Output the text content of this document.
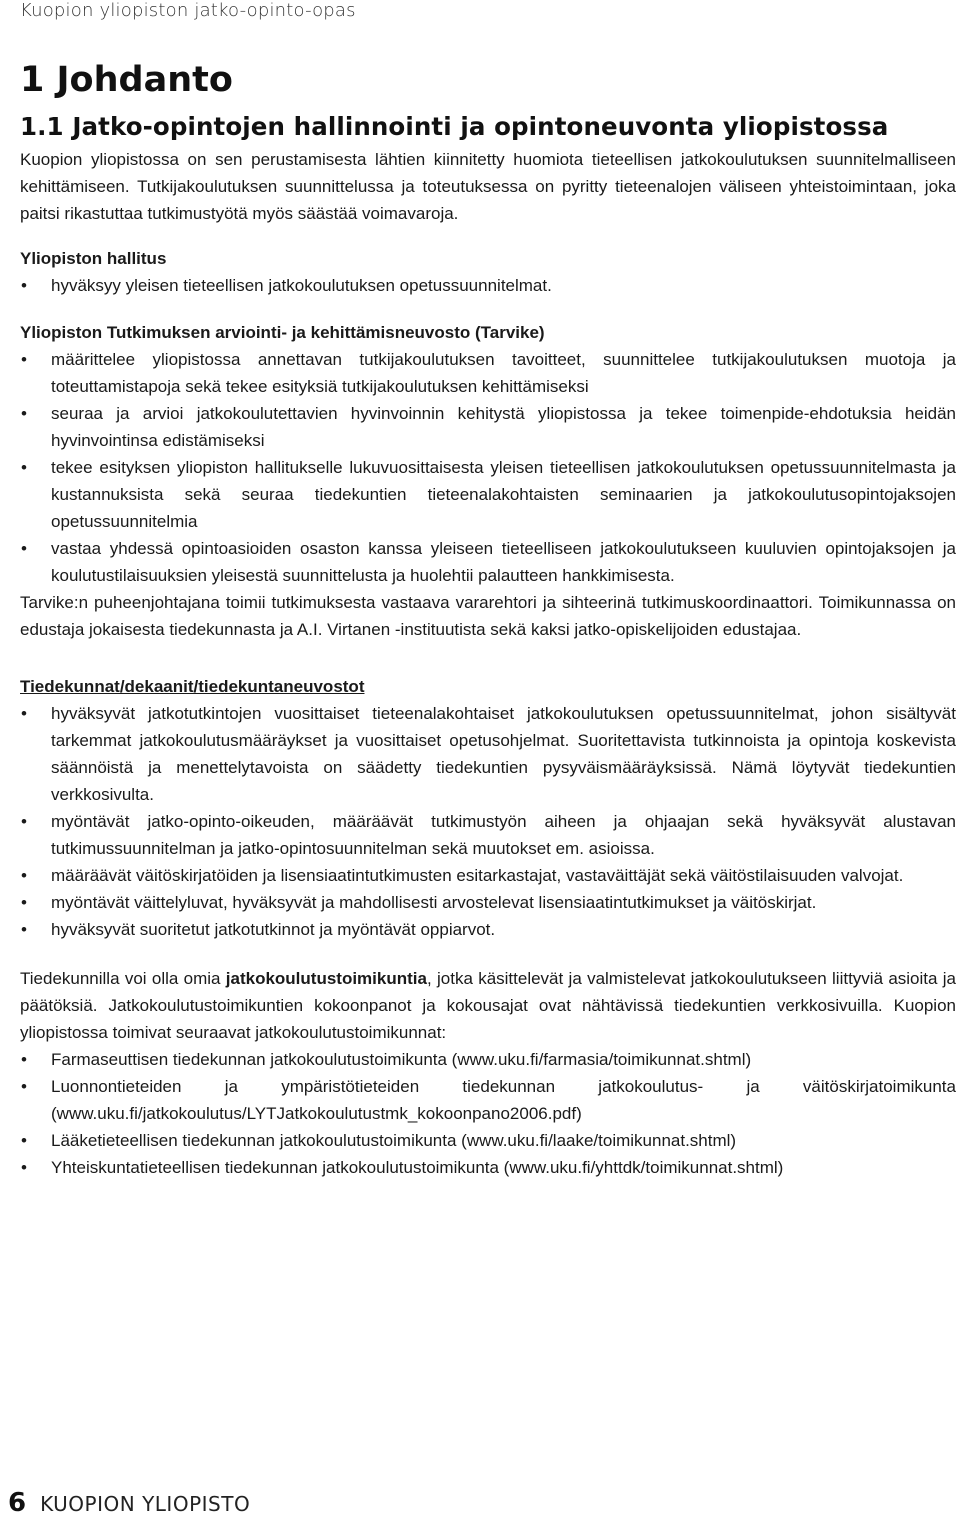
Kuopion yliopiston jatko-opinto-opas
1 Johdanto
1.1 Jatko-opintojen hallinnointi ja opintoneuvonta yliopistossa

Kuopion yliopistossa on sen perustamisesta lähtien kiinnitetty huomiota tieteellisen jatkokoulutuksen suunnitelmalliseen kehittämiseen. Tutkijakoulutuksen suunnittelussa ja toteutuksessa on pyritty tieteenalojen väliseen yhteistoimintaan, joka paitsi rikastuttaa tutkimustyötä myös säästää voimavaroja.

Yliopiston hallitus
• hyväksyy yleisen tieteellisen jatkokoulutuksen opetussuunnitelmat.
Yliopiston Tutkimuksen arviointi- ja kehittämisneuvosto (Tarvike)
• määrittelee yliopistossa annettavan tutkijakoulutuksen tavoitteet, suunnittelee tutkijakoulutuksen muotoja ja toteuttamistapoja sekä tekee esityksiä tutkijakoulutuksen kehittämiseksi
• seuraa ja arvioi jatkokoulutettavien hyvinvoinnin kehitystä yliopistossa ja tekee toimenpide-ehdotuksia heidän hyvinvointinsa edistämiseksi
• tekee esityksen yliopiston hallitukselle lukuvuosittaisesta yleisen tieteellisen jatkokoulutuksen opetussuunnitelmasta ja kustannuksista sekä seuraa tiedekuntien tieteenalakohtaisten seminaarien ja jatkokoulutusopintojaksojen opetussuunnitelmia
• vastaa yhdessä opintoasioiden osaston kanssa yleiseen tieteelliseen jatkokoulutukseen kuuluvien opintojaksojen ja koulutustilaisuuksien yleisestä suunnittelusta ja huolehtii palautteen hankkimisesta.

Tarvike:n puheenjohtajana toimii tutkimuksesta vastaava vararehtori ja sihteerinä tutkimuskoordinaattori. Toimikunnassa on edustaja jokaisesta tiedekunnasta ja A.I. Virtanen -instituutista sekä kaksi jatko-opiskelijoiden edustajaa.

Tiedekunnat/dekaanit/tiedekuntaneuvostot
• hyväksyvät jatkotutkintojen vuosittaiset tieteenalakohtaiset jatkokoulutuksen opetussuunnitelmat, johon sisältyvät tarkemmat jatkokoulutusmääräykset ja vuosittaiset opetusohjelmat. Suoritettavista tutkinnoista ja opintoja koskevista säännöistä ja menettelytavoista on säädetty tiedekuntien pysyväismääräyksissä. Nämä löytyvät tiedekuntien verkkosivulta.
• myöntävät jatko-opinto-oikeuden, määräävät tutkimustyön aiheen ja ohjaajan sekä hyväksyvät alustavan tutkimussuunnitelman ja jatko-opintosuunnitelman sekä muutokset em. asioissa.
• määräävät väitöskirjatöiden ja lisensiaatintutkimusten esitarkastajat, vastaväittäjät sekä väitöstilaisuuden valvojat.
• myöntävät väittelyluvat, hyväksyvät ja mahdollisesti arvostelevat lisensiaatintutkimukset ja väitöskirjat.
• hyväksyvät suoritetut jatkotutkinnot ja myöntävät oppiarvot.

Tiedekunnilla voi olla omia jatkokoulutustoimikuntia, jotka käsittelevät ja valmistelevat jatkokoulutukseen liittyviä asioita ja päätöksiä. Jatkokoulutustoimikuntien kokoonpanot ja kokousajat ovat nähtävissä tiedekuntien verkkosivuilla. Kuopion yliopistossa toimivat seuraavat jatkokoulutustoimikunnat:

• Farmaseuttisen tiedekunnan jatkokoulutustoimikunta (www.uku.fi/farmasia/toimikunnat.shtml)
• Luonnontieteiden ja ympäristötieteiden tiedekunnan jatkokoulutus- ja väitöskirjatoimikunta (www.uku.fi/jatkokoulutus/LYTJatkokoulutustmk_kokoonpano2006.pdf)
• Lääketieteellisen tiedekunnan jatkokoulutustoimikunta (www.uku.fi/laake/toimikunnat.shtml)
• Yhteiskuntatieteellisen tiedekunnan jatkokoulutustoimikunta (www.uku.fi/yhttdk/toimikunnat.shtml)
6 KUOPION YLIOPISTO
